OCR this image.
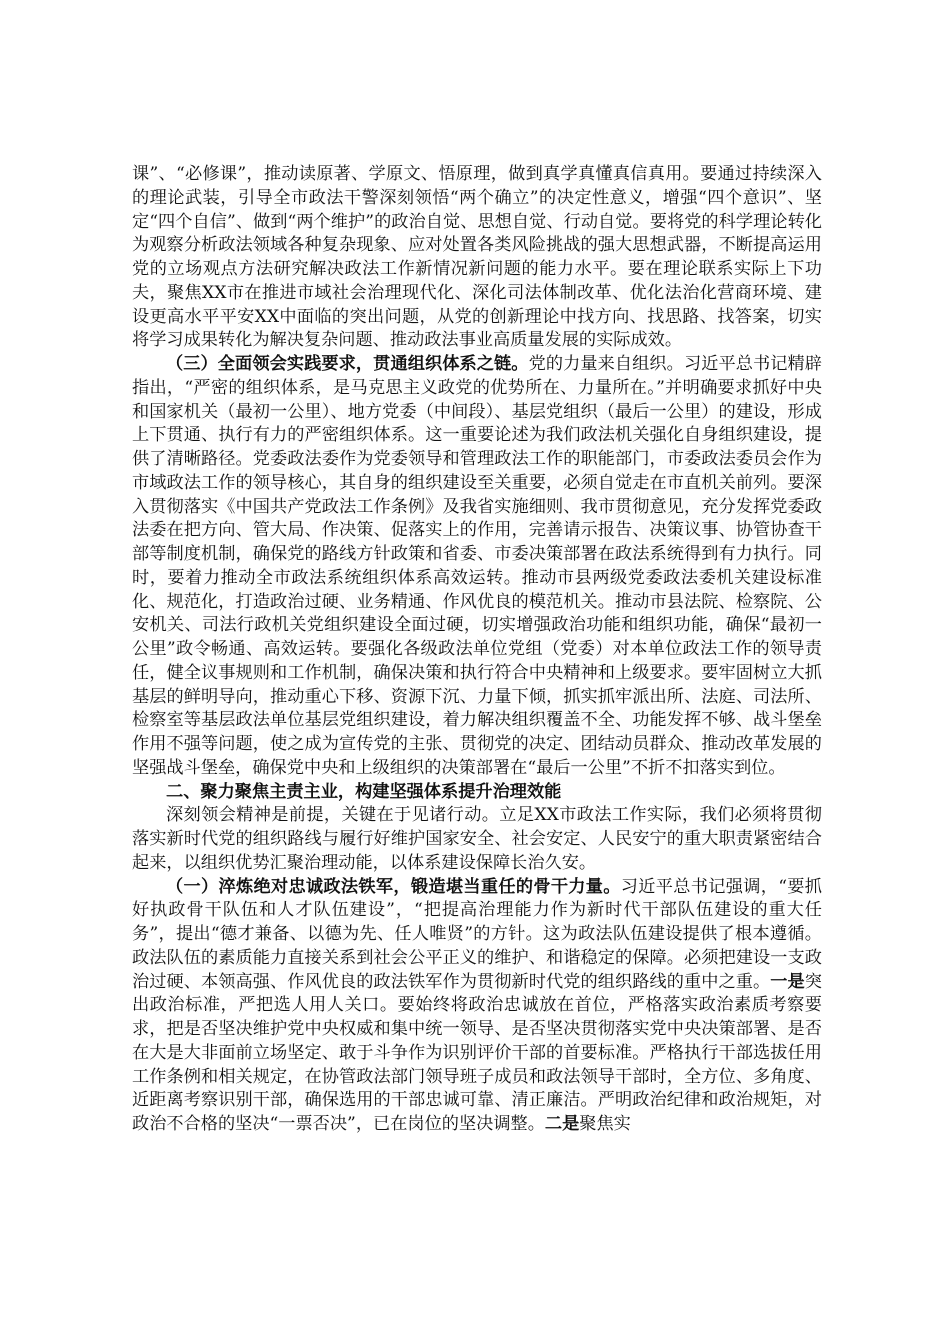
课”、“必修课”，推动读原著、学原文、悟原理，做到真学真懂真信真用。要通过持续深入的理论武装，引导全市政法干警深刻领悟“两个确立”的决定性意义，增强“四个意识”、坚定“四个自信”、做到“两个维护”的政治自觉、思想自觉、行动自觉。要将党的科学理论转化为观察分析政法领域各种复杂现象、应对处置各类风险挑战的强大思想武器，不断提高运用党的立场观点方法研究解决政法工作新情况新问题的能力水平。要在理论联系实际上下功夫，聚焦XX市在推进市域社会治理现代化、深化司法体制改革、优化法治化营商环境、建设更高水平平安XX中面临的突出问题，从党的创新理论中找方向、找思路、找答案，切实将学习成果转化为解决复杂问题、推动政法事业高质量发展的实际成效。

（三）全面领会实践要求，贯通组织体系之链。党的力量来自组织。习近平总书记精辟指出，“严密的组织体系，是马克思主义政党的优势所在、力量所在。”并明确要求抓好中央和国家机关（最初一公里）、地方党委（中间段）、基层党组织（最后一公里）的建设，形成上下贯通、执行有力的严密组织体系。这一重要论述为我们政法机关强化自身组织建设，提供了清晰路径。党委政法委作为党委领导和管理政法工作的职能部门，市委政法委员会作为市域政法工作的领导核心，其自身的组织建设至关重要，必须自觉走在市直机关前列。要深入贯彻落实《中国共产党政法工作条例》及我省实施细则、我市贯彻意见，充分发挥党委政法委在把方向、管大局、作决策、促落实上的作用，完善请示报告、决策议事、协管协查干部等制度机制，确保党的路线方针政策和省委、市委决策部署在政法系统得到有力执行。同时，要着力推动全市政法系统组织体系高效运转。推动市县两级党委政法委机关建设标准化、规范化，打造政治过硬、业务精通、作风优良的模范机关。推动市县法院、检察院、公安机关、司法行政机关党组织建设全面过硬，切实增强政治功能和组织功能，确保“最初一公里”政令畅通、高效运转。要强化各级政法单位党组（党委）对本单位政法工作的领导责任，健全议事规则和工作机制，确保决策和执行符合中央精神和上级要求。要牢固树立大抓基层的鲜明导向，推动重心下移、资源下沉、力量下倾，抓实抓牢派出所、法庭、司法所、检察室等基层政法单位基层党组织建设，着力解决组织覆盖不全、功能发挥不够、战斗堡垒作用不强等问题，使之成为宣传党的主张、贯彻党的决定、团结动员群众、推动改革发展的坚强战斗堡垒，确保党中央和上级组织的决策部署在“最后一公里”不折不扣落实到位。

二、聚力聚焦主责主业，构建坚强体系提升治理效能

深刻领会精神是前提，关键在于见诸行动。立足XX市政法工作实际，我们必须将贯彻落实新时代党的组织路线与履行好维护国家安全、社会安定、人民安宁的重大职责紧密结合起来，以组织优势汇聚治理动能，以体系建设保障长治久安。

（一）淬炼绝对忠诚政法铁军，锻造堪当重任的骨干力量。习近平总书记强调，“要抓好执政骨干队伍和人才队伍建设”，“把提高治理能力作为新时代干部队伍建设的重大任务”，提出“德才兼备、以德为先、任人唯贤”的方针。这为政法队伍建设提供了根本遵循。政法队伍的素质能力直接关系到社会公平正义的维护、和谐稳定的保障。必须把建设一支政治过硬、本领高强、作风优良的政法铁军作为贯彻新时代党的组织路线的重中之重。一是突出政治标准，严把选人用人关口。要始终将政治忠诚放在首位，严格落实政治素质考察要求，把是否坚决维护党中央权威和集中统一领导、是否坚决贯彻落实党中央决策部署、是否在大是大非面前立场坚定、敢于斗争作为识别评价干部的首要标准。严格执行干部选拔任用工作条例和相关规定，在协管政法部门领导班子成员和政法领导干部时，全方位、多角度、近距离考察识别干部，确保选用的干部忠诚可靠、清正廉洁。严明政治纪律和政治规矩，对政治不合格的坚决“一票否决”，已在岗位的坚决调整。二是聚焦实
